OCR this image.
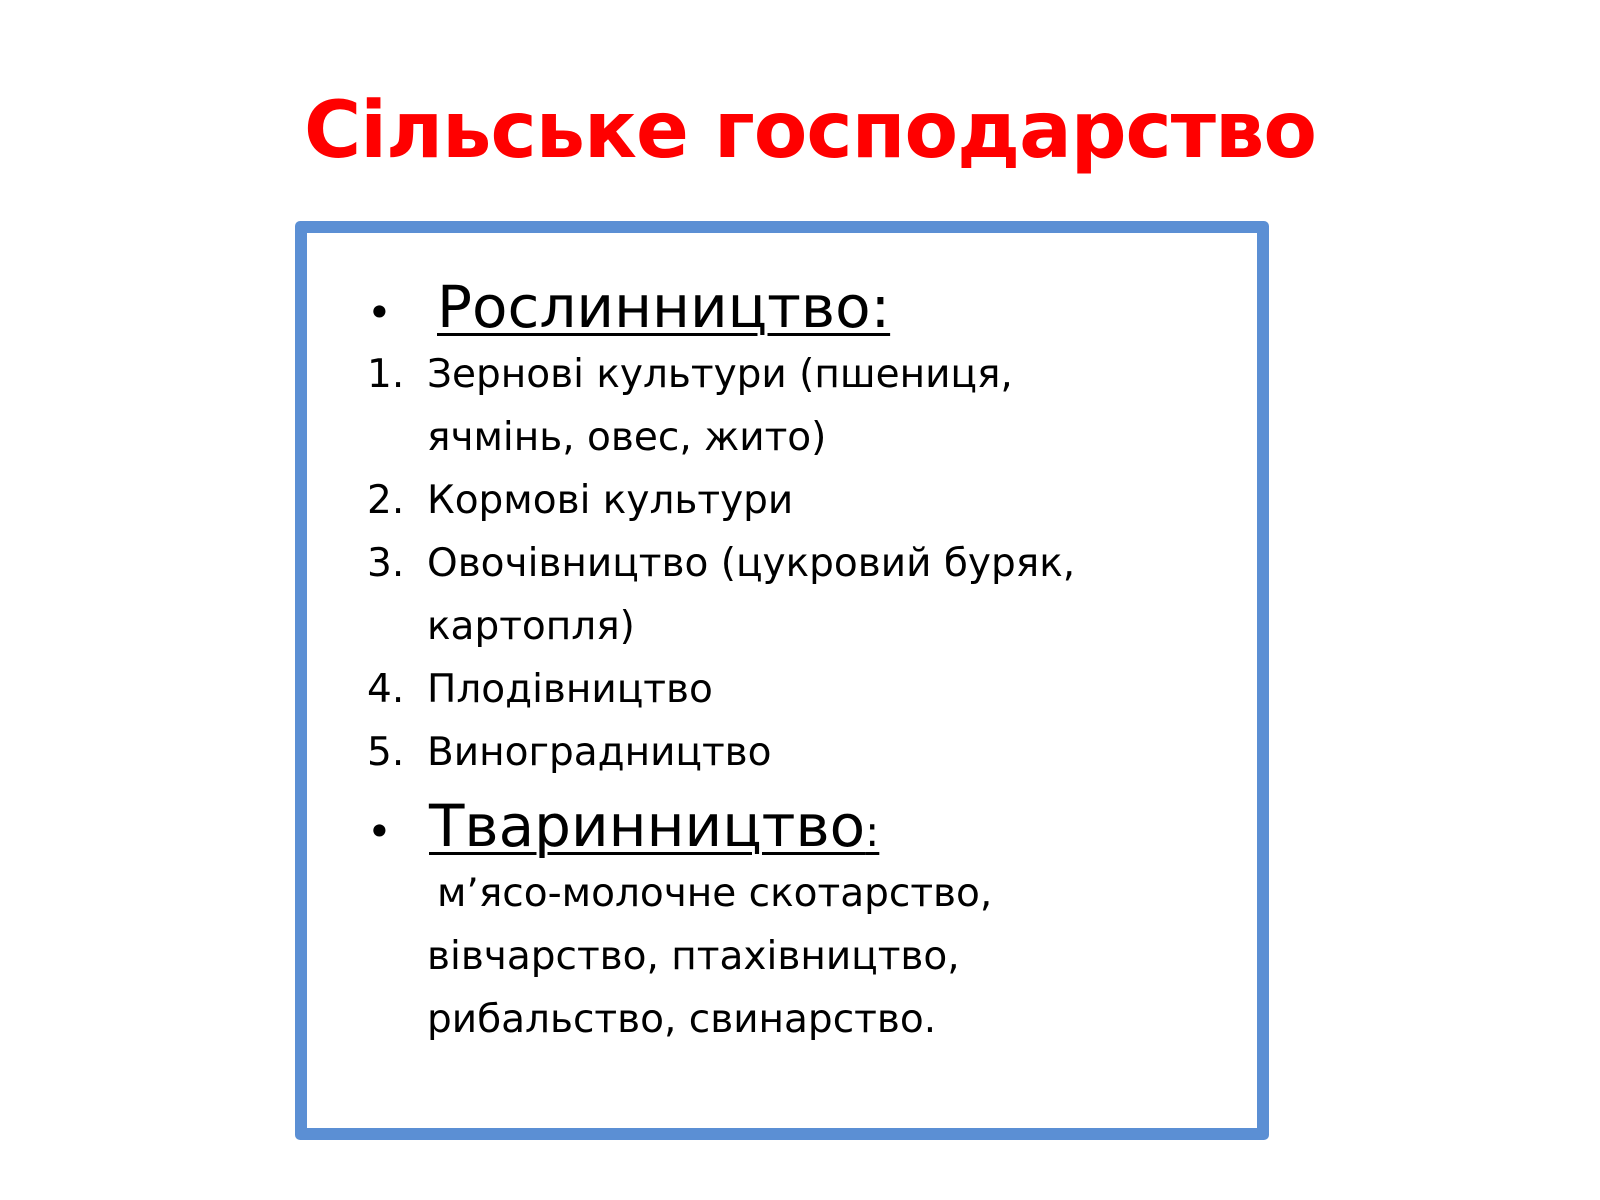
Сільське господарство
• Рослинництво:
1. Зернові культури (пшениця,
ячмінь, овес, жито)
2. Кормові культури
3. Овочівництво (цукровий буряк,
картопля)
4. Плодівництво
5. Виноградництво
• Тваринництво:
м’ясо-молочне скотарство,
вівчарство, птахівництво,
рибальство, свинарство.
